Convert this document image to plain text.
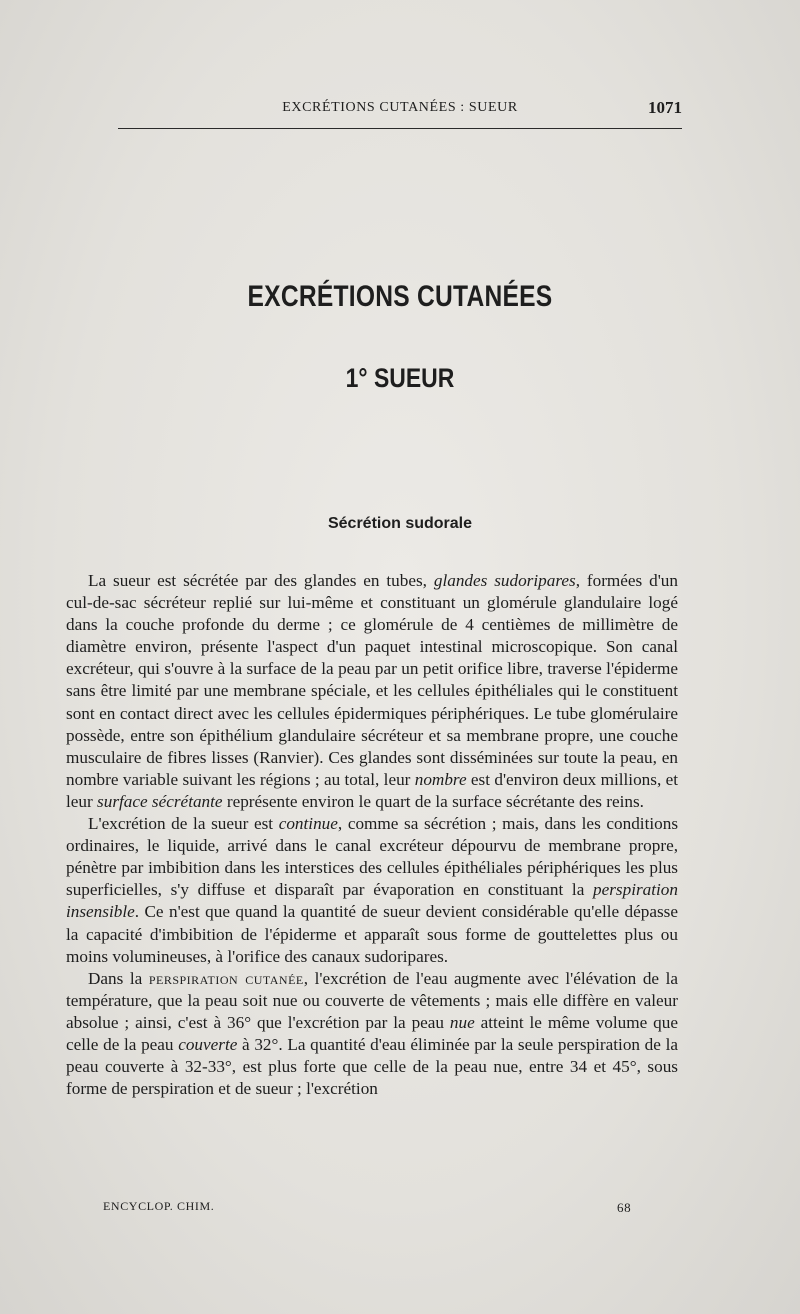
EXCRÉTIONS CUTANÉES : SUEUR	1071
EXCRÉTIONS CUTANÉES
1° SUEUR
Sécrétion sudorale

La sueur est sécrétée par des glandes en tubes, glandes sudoripares, formées d'un cul-de-sac sécréteur replié sur lui-même et constituant un glomérule glandulaire logé dans la couche profonde du derme ; ce glomérule de 4 centièmes de millimètre de diamètre environ, présente l'aspect d'un paquet intestinal microscopique. Son canal excréteur, qui s'ouvre à la surface de la peau par un petit orifice libre, traverse l'épiderme sans être limité par une membrane spéciale, et les cellules épithéliales qui le constituent sont en contact direct avec les cellules épidermiques périphériques. Le tube glomérulaire possède, entre son épithélium glandulaire sécréteur et sa membrane propre, une couche musculaire de fibres lisses (Ranvier). Ces glandes sont disséminées sur toute la peau, en nombre variable suivant les régions ; au total, leur nombre est d'environ deux millions, et leur surface sécrétante représente environ le quart de la surface sécrétante des reins.

L'excrétion de la sueur est continue, comme sa sécrétion ; mais, dans les conditions ordinaires, le liquide, arrivé dans le canal excréteur dépourvu de membrane propre, pénètre par imbibition dans les interstices des cellules épithéliales périphériques les plus superficielles, s'y diffuse et disparaît par évaporation en constituant la perspiration insensible. Ce n'est que quand la quantité de sueur devient considérable qu'elle dépasse la capacité d'imbibition de l'épiderme et apparaît sous forme de gouttelettes plus ou moins volumineuses, à l'orifice des canaux sudoripares.

Dans la perspiration cutanée, l'excrétion de l'eau augmente avec l'élévation de la température, que la peau soit nue ou couverte de vêtements ; mais elle diffère en valeur absolue ; ainsi, c'est à 36° que l'excrétion par la peau nue atteint le même volume que celle de la peau couverte à 32°. La quantité d'eau éliminée par la seule perspiration de la peau couverte à 32-33°, est plus forte que celle de la peau nue, entre 34 et 45°, sous forme de perspiration et de sueur ; l'excrétion

ENCYCLOP. CHIM.	68
